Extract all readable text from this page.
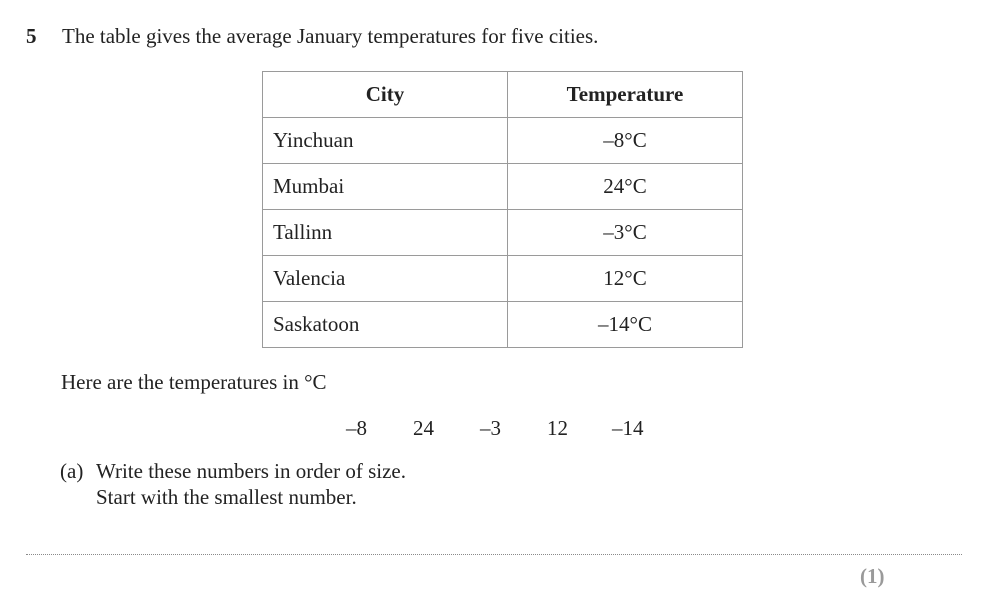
5 The table gives the average January temperatures for five cities.
City	Temperature
Yinchuan	–8°C
Mumbai	24°C
Tallinn	–3°C
Valencia	12°C
Saskatoon	–14°C
Here are the temperatures in °C
–8 24 –3 12 –14
(a) Write these numbers in order of size.
Start with the smallest number.
(1)
